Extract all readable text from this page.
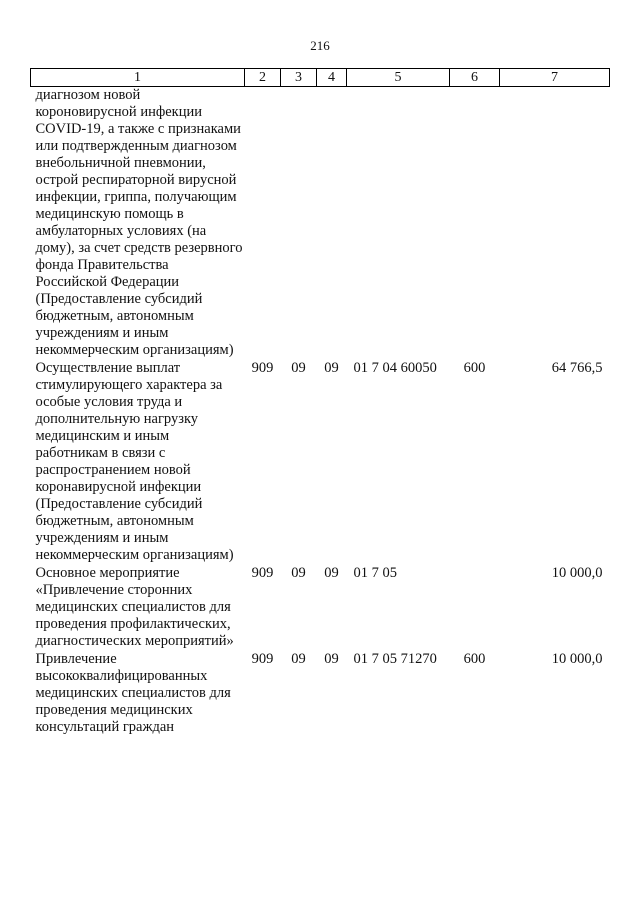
216
1	2	3	4	5	6	7
диагнозом новой короновирусной инфекции COVID-19, а также с признаками или подтвержденным диагнозом внебольничной пневмонии, острой респираторной вирусной инфекции, гриппа, получающим медицинскую помощь в амбулаторных условиях (на дому), за счет средств резервного фонда Правительства Российской Федерации (Предоставление субсидий бюджетным, автономным учреждениям и иным некоммерческим организациям)						
Осуществление выплат стимулирующего характера за особые условия труда и дополнительную нагрузку медицинским и иным работникам в связи с распространением новой коронавирусной инфекции (Предоставление субсидий бюджетным, автономным учреждениям и иным некоммерческим организациям)	909	09	09	01 7 04 60050	600	64 766,5
Основное мероприятие «Привлечение сторонних медицинских специалистов для проведения профилактических, диагностических мероприятий»	909	09	09	01 7 05		10 000,0
Привлечение высококвалифицированных медицинских специалистов для проведения медицинских консультаций граждан	909	09	09	01 7 05 71270	600	10 000,0
